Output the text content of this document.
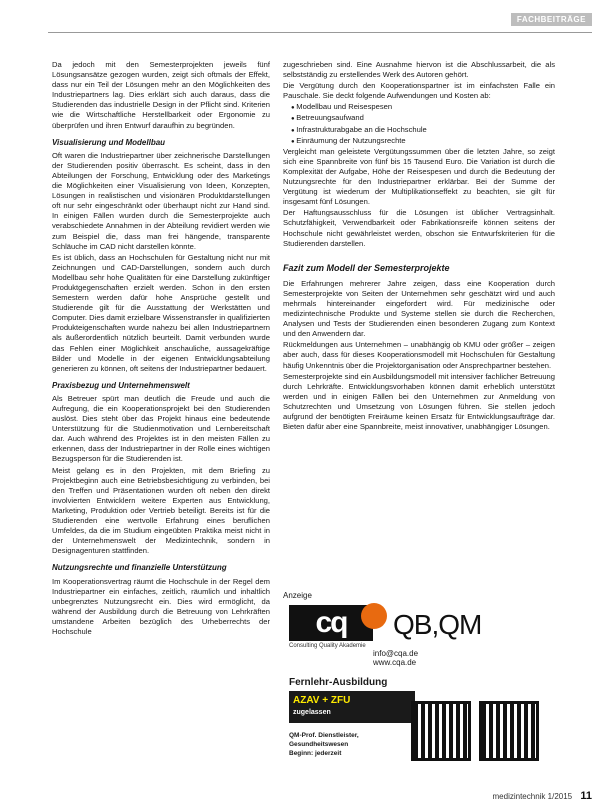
FACHBEITRÄGE

Da jedoch mit den Semesterprojekten jeweils fünf Lösungsansätze gezogen wurden, zeigt sich oftmals der Effekt, dass nur ein Teil der Lösungen mehr an den Möglichkeiten des Industriepartners lag. Dies erklärt sich auch daraus, dass die Studierenden das industrielle Design in der Pflicht sind. Kriterien wie die Wirtschaftliche Herstellbarkeit oder Ergonomie zu überprüfen und ihren Entwurf daraufhin zu begründen.

Visualisierung und Modellbau

Oft waren die Industriepartner über zeichnerische Darstellungen der Studierenden positiv überrascht. Es scheint, dass in den Abteilungen der Forschung, Entwicklung oder des Marketings die Möglichkeiten einer Visualisierung von Ideen, Konzepten, Lösungen in realistischen und visionären Produktdarstellungen oft nur sehr eingeschränkt oder überhaupt nicht zur Hand sind. In einigen Fällen wurden durch die Semesterprojekte auch verabschiedete Annahmen in der Abteilung revidiert werden wie zum Beispiel die, dass man frei hängende, transparente Schläuche im CAD nicht darstellen könnte.

Es ist üblich, dass an Hochschulen für Gestaltung nicht nur mit Zeichnungen und CAD-Darstellungen, sondern auch durch Modellbau sehr hohe Qualitäten für eine Darstellung zukünftiger Produktgegenschaften erzielt werden. Schon in den ersten Semestern werden dafür hohe Ansprüche gestellt und Studierende gilt für die Ausstattung der Werkstätten und Computer. Dies damit erzielbare Wissenstransfer in qualifizierten Produkteigenschaften wurde nahezu bei allen Industriepartnern als äußerordentlich nützlich beurteilt. Damit verbunden wurde das Fehlen einer Möglichkeit anschauliche, aussagekräftige Bilder und Modelle in der eigenen Entwicklungsabteilung generieren zu können, oft seitens der Industriepartner bedauert.

Praxisbezug und Unternehmenswelt

Als Betreuer spürt man deutlich die Freude und auch die Aufregung, die ein Kooperationsprojekt bei den Studierenden auslöst. Dies steht über das Projekt hinaus eine bedeutende Unterstützung für die Studienmotivation und Lernbereitschaft dar. Auch während des Projektes ist in den meisten Fällen zu erkennen, dass der Industriepartner in der Rolle eines wichtigen Bezugsperson für die Studierenden ist.

Meist gelang es in den Projekten, mit dem Briefing zu Projektbeginn auch eine Betriebsbesichtigung zu verbinden, bei den Treffen und Präsentationen wurden oft neben den direkt involvierten Entwicklern weitere Experten aus Entwicklung, Marketing, Produktion oder Vertrieb beteiligt. Bereits ist für die Studierenden eine wertvolle Erfahrung eines beruflichen Umfeldes, da die im Studium eingeübten Praktika meist nicht in der Unternehmenswelt der Medizintechnik, sondern in Designagenturen stattfinden.

Nutzungsrechte und finanzielle Unterstützung

Im Kooperationsvertrag räumt die Hochschule in der Regel dem Industriepartner ein einfaches, zeitlich, räumlich und inhaltlich unbegrenztes Nutzungsrecht ein. Dies wird ermöglicht, da während der Ausbildung durch die Betreuung von Lehrkräften umstandene Arbeiten bezüglich des Urheberrechts der Hochschule

zugeschrieben sind. Eine Ausnahme hiervon ist die Abschlussarbeit, die als selbstständig zu erstellendes Werk des Autoren gehört.

Die Vergütung durch den Kooperationspartner ist im einfachsten Falle ein Pauschale. Sie deckt folgende Aufwendungen und Kosten ab:

● Modellbau und Reisespesen
● Betreuungsaufwand
● Infrastrukturabgabe an die Hochschule
● Einräumung der Nutzungsrechte

Vergleicht man geleistete Vergütungssummen über die letzten Jahre, so zeigt sich eine Spannbreite von fünf bis 15 Tausend Euro. Die Variation ist durch die Komplexität der Aufgabe, Höhe der Reisespesen und durch die Bedeutung der Nutzungsrechte für den Industriepartner erklärbar. Bei der Summe der Vergütung ist wiederum der Multiplikationseffekt zu beachten, sie gilt für insgesamt fünf Lösungen.

Der Haftungsausschluss für die Lösungen ist üblicher Vertragsinhalt. Schutzfähigkeit, Verwendbarkeit oder Fabrikationsreife können seitens der Hochschule nicht gewährleistet werden, obschon sie Entwurfskriterien für die Studierenden darstellen.

Fazit zum Modell der Semesterprojekte

Die Erfahrungen mehrerer Jahre zeigen, dass eine Kooperation durch Semesterprojekte von Seiten der Unternehmen sehr geschätzt wird und auch mehrmals hintereinander eingefordert wird. Für medizinische oder medizintechnische Produkte und Systeme stellen sie durch die Recherchen, Analysen und Tests der Studierenden einen besonderen Zugang zum Kontext und den Anwendern dar.

Rückmeldungen aus Unternehmen – unabhängig ob KMU oder größer – zeigen aber auch, dass für dieses Kooperationsmodell mit Hochschulen für Gestaltung häufig Unkenntnis über die Projektorganisation oder Ansprechpartner bestehen.

Semesterprojekte sind ein Ausbildungsmodell mit intensiver fachlicher Betreuung durch Lehrkräfte. Entwicklungsvorhaben können damit erheblich unterstützt werden und in einigen Fällen bei den Unternehmen zur Anmeldung von Schutzrechten und Umsetzung von Lösungen führen. Sie stellen jedoch aufgrund der benötigten Freiräume keinen Ersatz für Entwicklungsaufträge dar. Bieten dafür aber eine Spannbreite, meist innovativer, unabhängiger Lösungen.

Anzeige
cq	QB,QM
Consulting Quality Akademie
info@cqa.de
www.cqa.de
Fernlehr-Ausbildung
AZAV + ZFU
zugelassen
QM-Prof. Dienstleister,
Gesundheitswesen
Beginn: jederzeit
medizintechnik 1/2015 11
